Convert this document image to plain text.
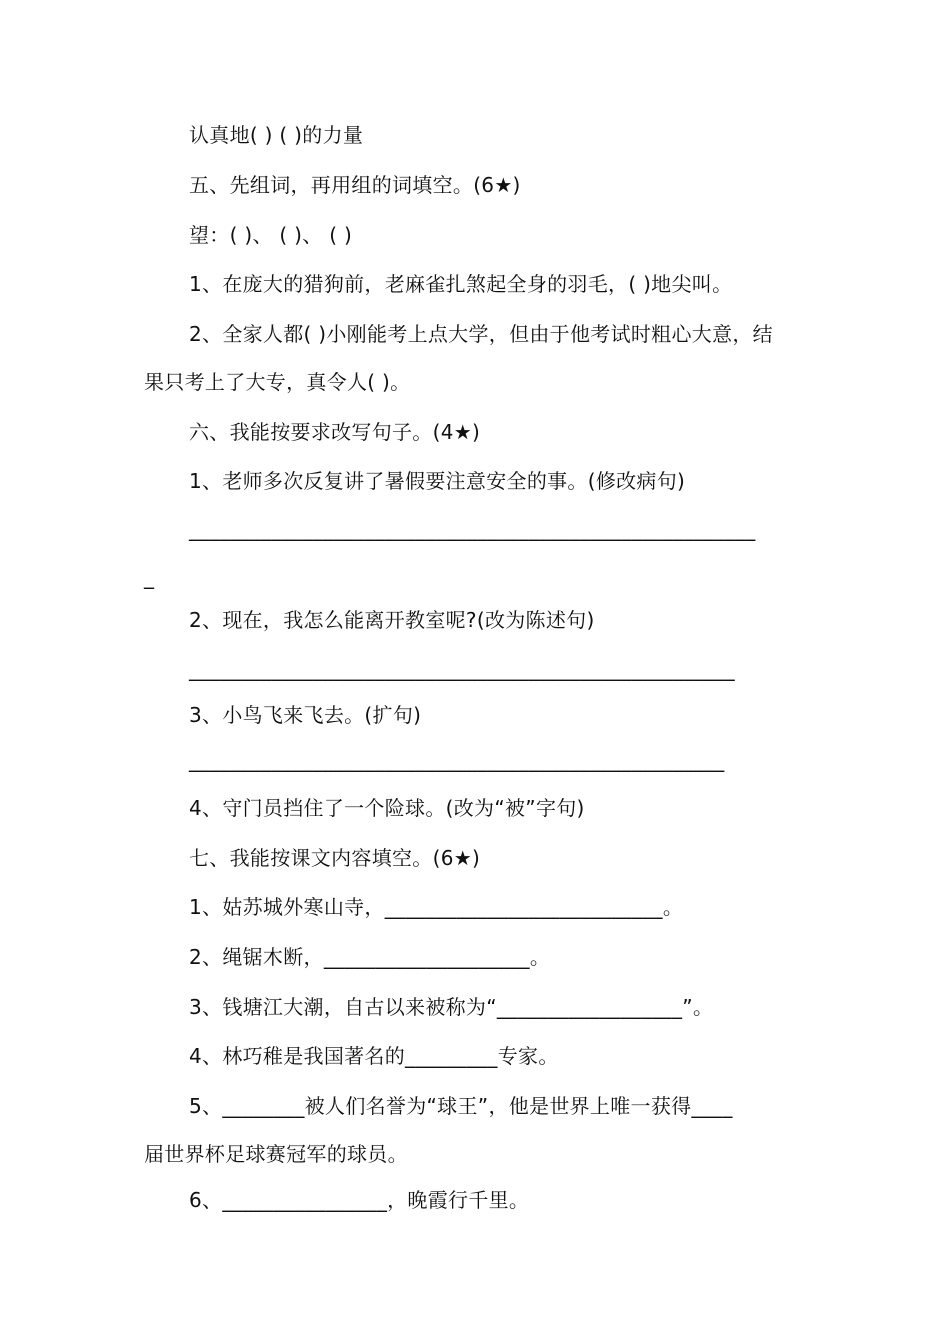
认真地( ) ( )的力量
五、先组词，再用组的词填空。(6★)
望：( )、 ( )、 ( )
1、在庞大的猎狗前，老麻雀扎煞起全身的羽毛，( )地尖叫。
2、全家人都( )小刚能考上点大学，但由于他考试时粗心大意，结
果只考上了大专，真令人( )。
六、我能按要求改写句子。(4★)
1、老师多次反复讲了暑假要注意安全的事。(修改病句)
_______________________________________________________
_
2、现在，我怎么能离开教室呢?(改为陈述句)
_____________________________________________________
3、小鸟飞来飞去。(扩句)
____________________________________________________
4、守门员挡住了一个险球。(改为“被”字句)
七、我能按课文内容填空。(6★)
1、姑苏城外寒山寺，___________________________。
2、绳锯木断，____________________。
3、钱塘江大潮，自古以来被称为“__________________”。
4、林巧稚是我国著名的_________专家。
5、________被人们名誉为“球王”，他是世界上唯一获得____
届世界杯足球赛冠军的球员。
6、________________，晚霞行千里。
